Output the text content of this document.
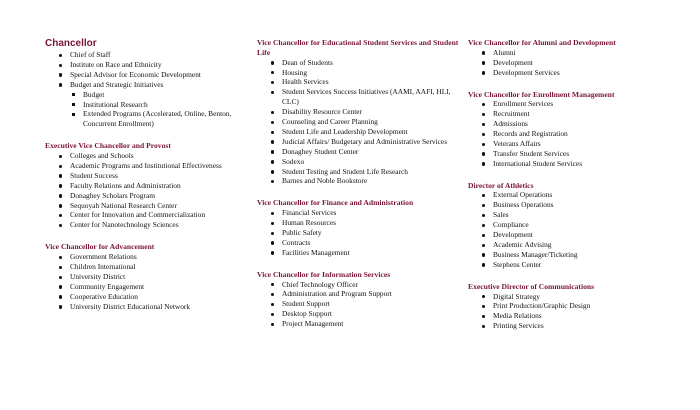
Chancellor
Chief of Staff
Institute on Race and Ethnicity
Special Advisor for Economic Development
Budget and Strategic Initiatives
Budget
Institutional Research
Extended Programs (Accelerated, Online, Benton, Concurrent Enrollment)
Executive Vice Chancellor and Provost
Colleges and Schools
Academic Programs and Institutional Effectiveness
Student Success
Faculty Relations and Administration
Donaghey Scholars Program
Sequoyah National Research Center
Center for Innovation and Commercialization
Center for Nanotechnology Sciences
Vice Chancellor for Advancement
Government Relations
Children International
University District
Community Engagement
Cooperative Education
University District Educational Network
Vice Chancellor for Educational Student Services and Student Life
Dean of Students
Housing
Health Services
Student Services Success Initiatives (AAMI, AAFI, HLI, CLC)
Disability Resource Center
Counseling and Career Planning
Student Life and Leadership Development
Judicial Affairs/ Budgetary and Administrative Services
Donaghey Student Center
Sodexo
Student Testing and Student Life Research
Barnes and Noble Bookstore
Vice Chancellor for Finance and Administration
Financial Services
Human Resources
Public Safety
Contracts
Facilities Management
Vice Chancellor for Information Services
Chief Technology Officer
Administration and Program Support
Student Support
Desktop Support
Project Management
Vice Chancellor for Alumni and Development
Alumni
Development
Development Services
Vice Chancellor for Enrollment Management
Enrollment Services
Recruitment
Admissions
Records and Registration
Veterans Affairs
Transfer Student Services
International Student Services
Director of Athletics
External Operations
Business Operations
Sales
Compliance
Development
Academic Advising
Business Manager/Ticketing
Stephens Center
Executive Director of Communications
Digital Strategy
Print Production/Graphic Design
Media Relations
Printing Services
